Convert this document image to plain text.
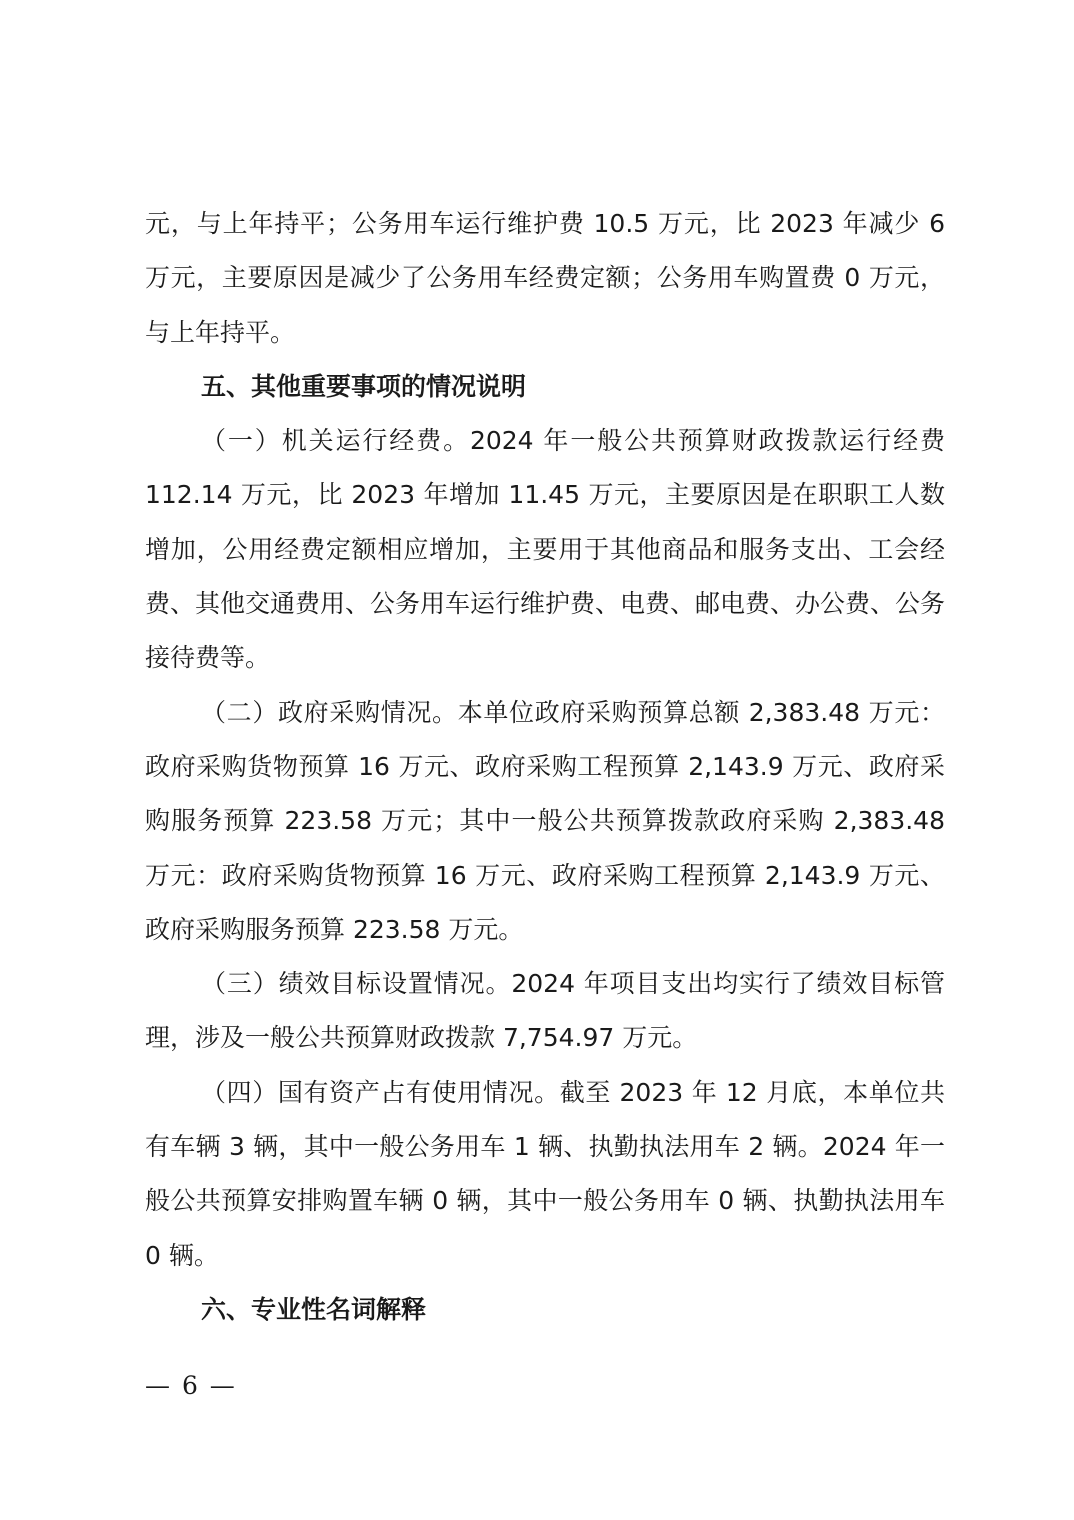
元，与上年持平；公务用车运行维护费 10.5 万元，比 2023 年减少 6 万元，主要原因是减少了公务用车经费定额；公务用车购置费 0 万元，与上年持平。

五、其他重要事项的情况说明

（一）机关运行经费。2024 年一般公共预算财政拨款运行经费 112.14 万元，比 2023 年增加 11.45 万元，主要原因是在职职工人数增加，公用经费定额相应增加，主要用于其他商品和服务支出、工会经费、其他交通费用、公务用车运行维护费、电费、邮电费、办公费、公务接待费等。

（二）政府采购情况。本单位政府采购预算总额 2,383.48 万元：政府采购货物预算 16 万元、政府采购工程预算 2,143.9 万元、政府采购服务预算 223.58 万元；其中一般公共预算拨款政府采购 2,383.48 万元：政府采购货物预算 16 万元、政府采购工程预算 2,143.9 万元、政府采购服务预算 223.58 万元。

（三）绩效目标设置情况。2024 年项目支出均实行了绩效目标管理，涉及一般公共预算财政拨款 7,754.97 万元。

（四）国有资产占有使用情况。截至 2023 年 12 月底，本单位共有车辆 3 辆，其中一般公务用车 1 辆、执勤执法用车 2 辆。2024 年一般公共预算安排购置车辆 0 辆，其中一般公务用车 0 辆、执勤执法用车 0 辆。

六、专业性名词解释

— 6 —
